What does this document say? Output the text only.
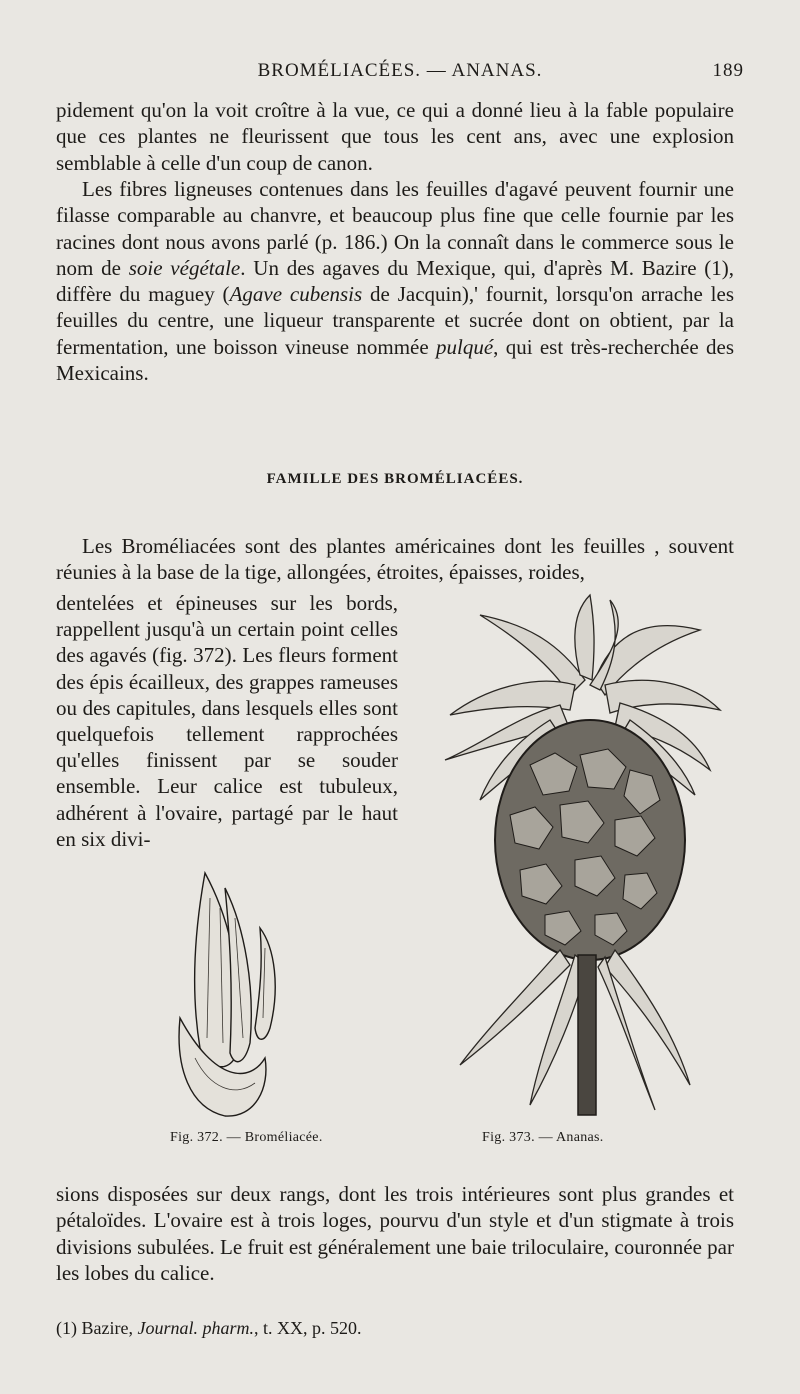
BROMÉLIACÉES. — ANANAS.	189

pidement qu'on la voit croître à la vue, ce qui a donné lieu à la fable populaire que ces plantes ne fleurissent que tous les cent ans, avec une explosion semblable à celle d'un coup de canon.

Les fibres ligneuses contenues dans les feuilles d'agavé peuvent fournir une filasse comparable au chanvre, et beaucoup plus fine que celle fournie par les racines dont nous avons parlé (p. 186.) On la connaît dans le commerce sous le nom de soie végétale. Un des agaves du Mexique, qui, d'après M. Bazire (1), diffère du maguey (Agave cubensis de Jacquin),' fournit, lorsqu'on arrache les feuilles du centre, une liqueur transparente et sucrée dont on obtient, par la fermentation, une boisson vineuse nommée pulqué, qui est très-recherchée des Mexicains.

FAMILLE DES BROMÉLIACÉES.

Les Broméliacées sont des plantes américaines dont les feuilles , souvent réunies à la base de la tige, allongées, étroites, épaisses, roides,

dentelées et épineuses sur les bords, rappellent jusqu'à un certain point celles des agavés (fig. 372). Les fleurs forment des épis écailleux, des grappes rameuses ou des capitules, dans lesquels elles sont quelquefois tellement rapprochées qu'elles finissent par se souder ensemble. Leur calice est tubuleux, adhérent à l'ovaire, partagé par le haut en six divi-

Fig. 372. — Broméliacée.	Fig. 373. — Ananas.

sions disposées sur deux rangs, dont les trois intérieures sont plus grandes et pétaloïdes. L'ovaire est à trois loges, pourvu d'un style et d'un stigmate à trois divisions subulées. Le fruit est généralement une baie triloculaire, couronnée par les lobes du calice.

(1) Bazire, Journal. pharm., t. XX, p. 520.
